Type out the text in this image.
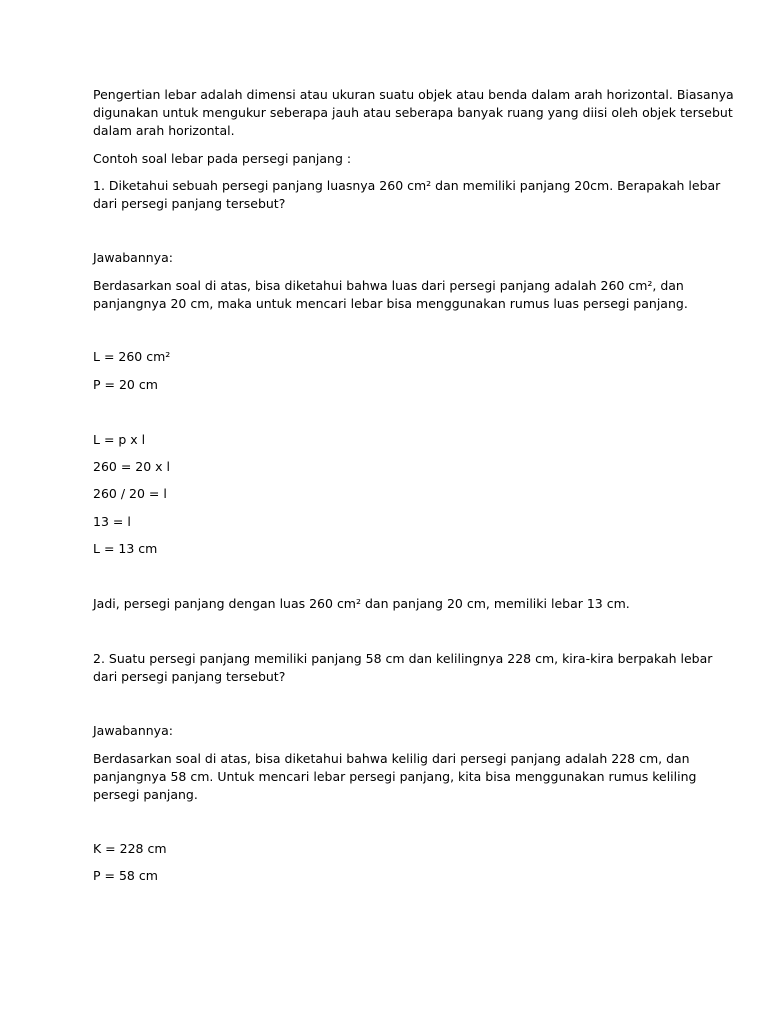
Pengertian lebar adalah dimensi atau ukuran suatu objek atau benda dalam arah horizontal. Biasanya

digunakan untuk mengukur seberapa jauh atau seberapa banyak ruang yang diisi oleh objek tersebut

dalam arah horizontal.

Contoh soal lebar pada persegi panjang :

1. Diketahui sebuah persegi panjang luasnya 260 cm² dan memiliki panjang 20cm. Berapakah lebar

dari persegi panjang tersebut?

Jawabannya:

Berdasarkan soal di atas, bisa diketahui bahwa luas dari persegi panjang adalah 260 cm², dan

panjangnya 20 cm, maka untuk mencari lebar bisa menggunakan rumus luas persegi panjang.

L = 260 cm²

P = 20 cm

L = p x l

260 = 20 x l

260 / 20 = l

13 = l

L = 13 cm

Jadi, persegi panjang dengan luas 260 cm² dan panjang 20 cm, memiliki lebar 13 cm.

2. Suatu persegi panjang memiliki panjang 58 cm dan kelilingnya 228 cm, kira-kira berpakah lebar

dari persegi panjang tersebut?

Jawabannya:

Berdasarkan soal di atas, bisa diketahui bahwa kelilig dari persegi panjang adalah 228 cm, dan

panjangnya 58 cm. Untuk mencari lebar persegi panjang, kita bisa menggunakan rumus keliling

persegi panjang.

K = 228 cm

P = 58 cm
